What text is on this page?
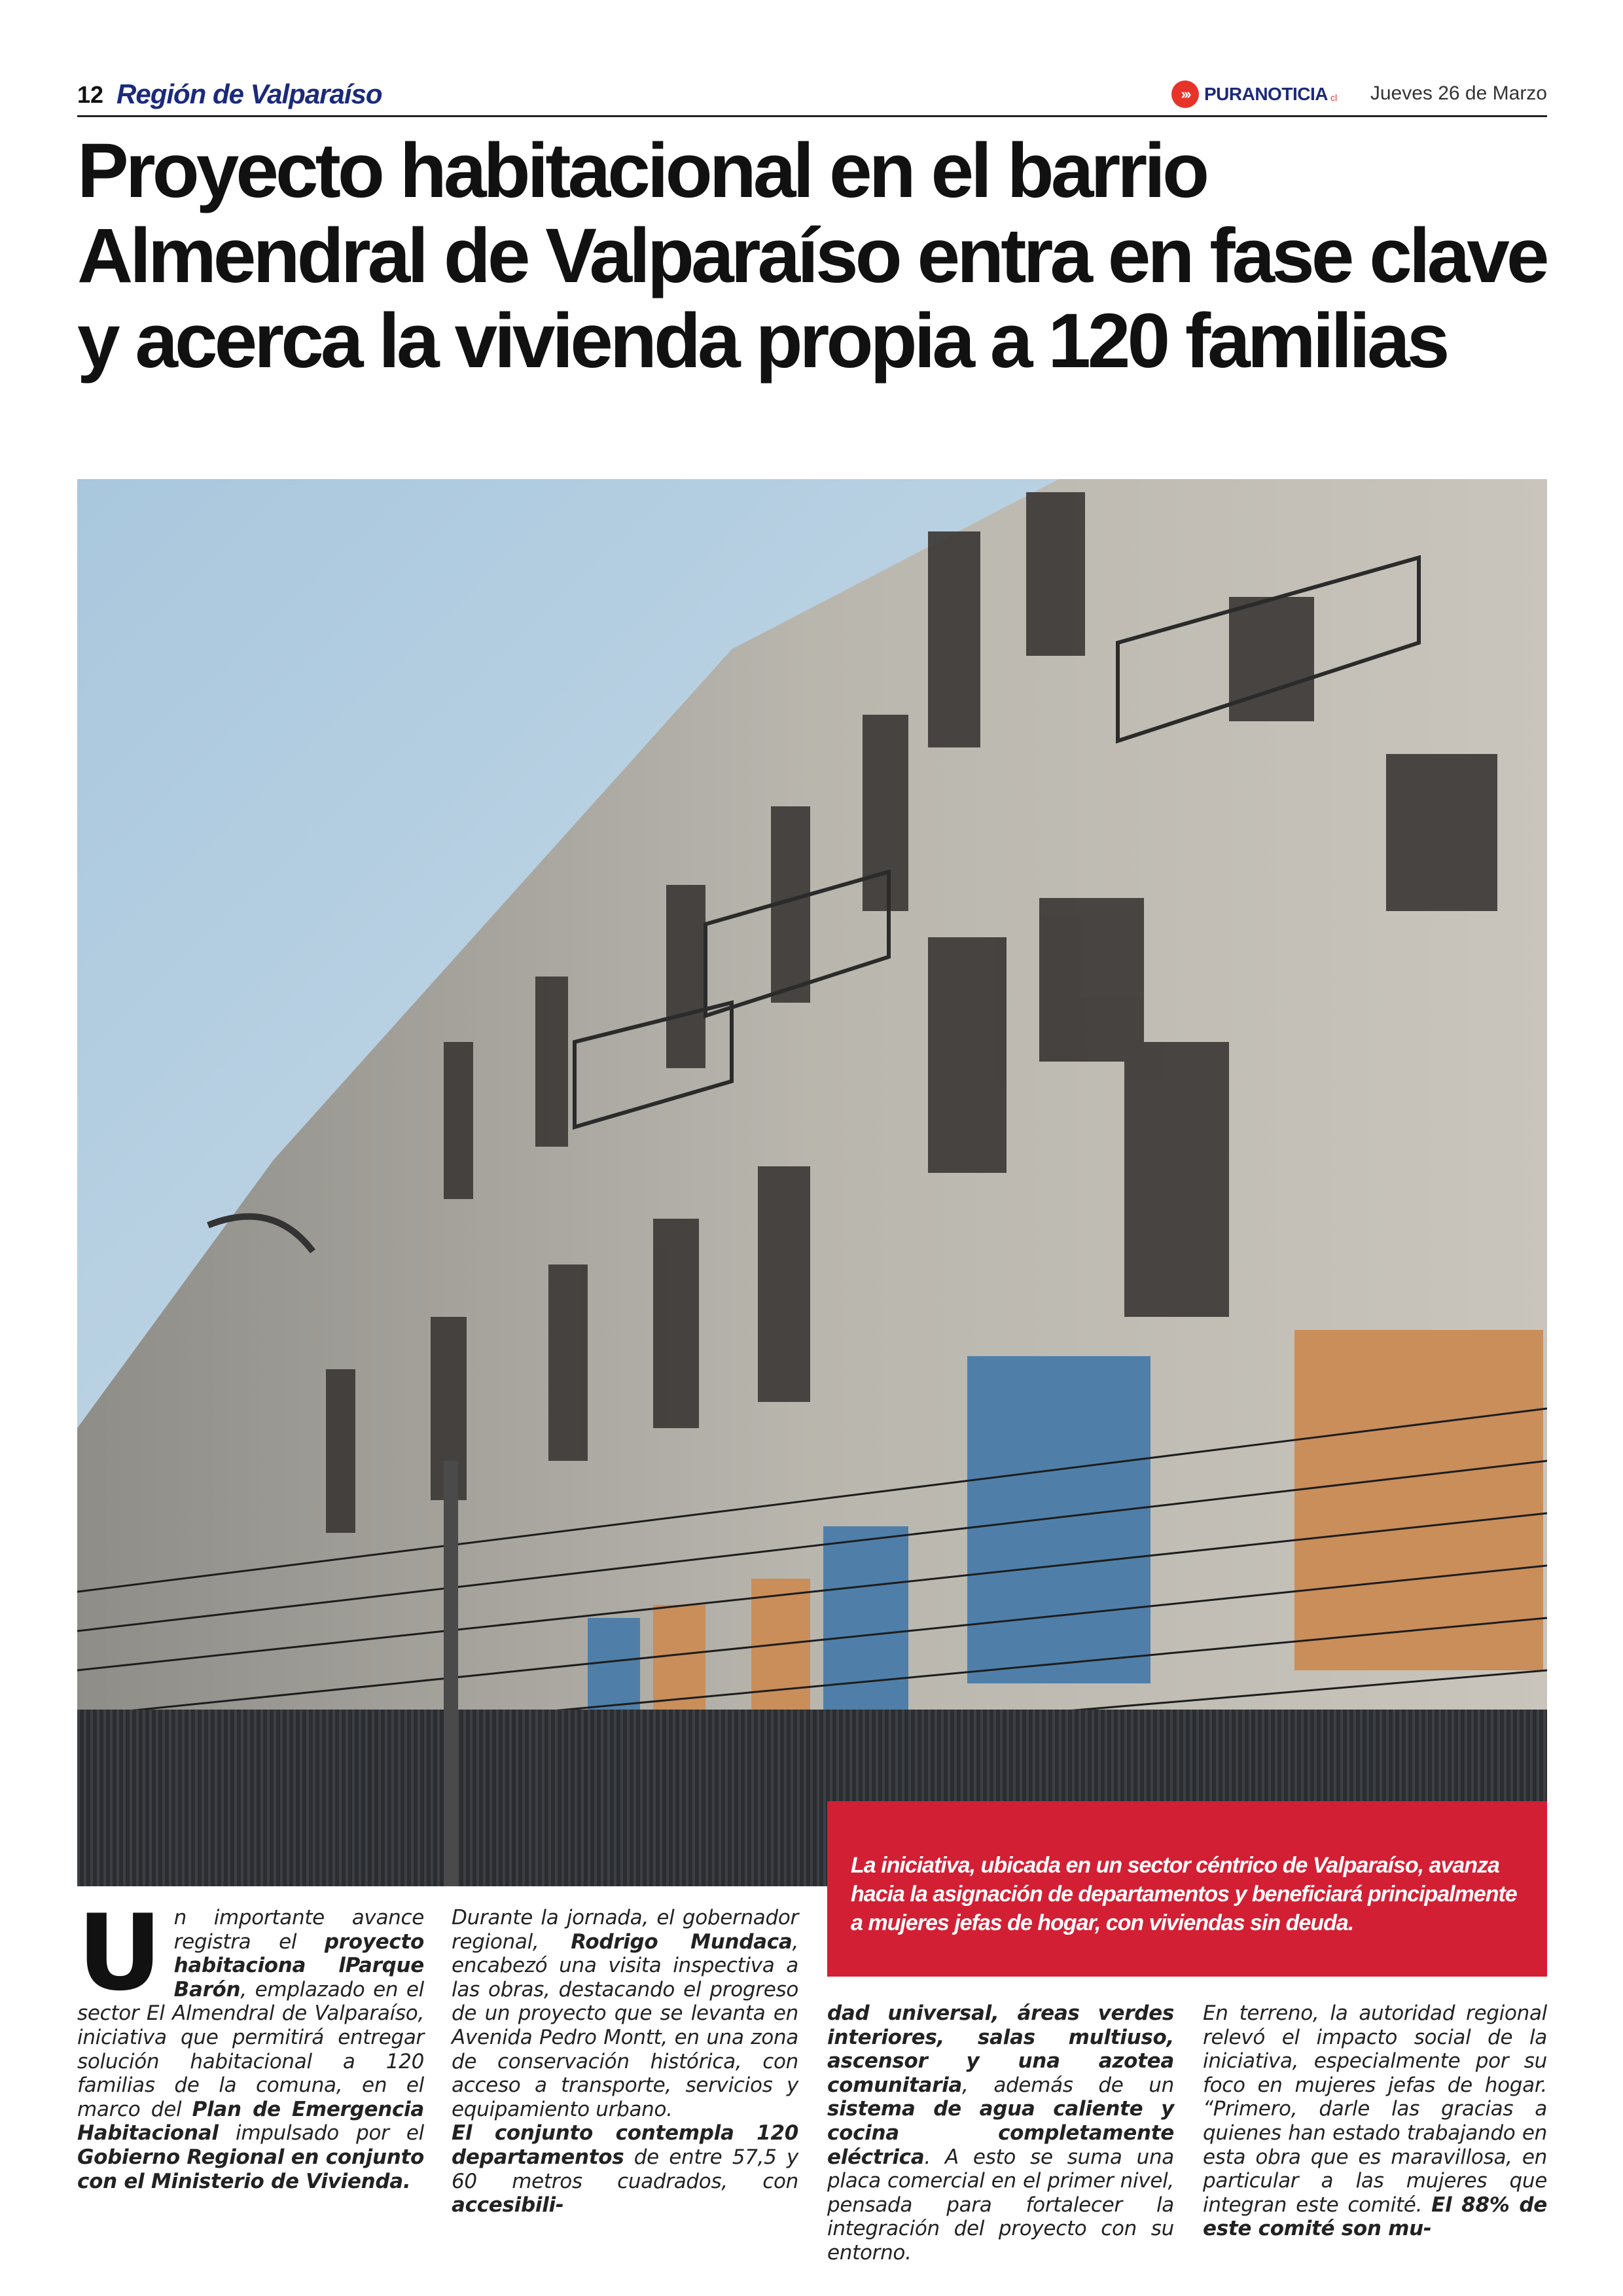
12 Región de Valparaíso	››› PURANOTICIA cl Jueves 26 de Marzo
Proyecto habitacional en el barrio Almendral de Valparaíso entra en fase clave y acerca la vivienda propia a 120 familias

La iniciativa, ubicada en un sector céntrico de Valparaíso, avanza hacia la asignación de departamentos y beneficiará principalmente a mujeres jefas de hogar, con viviendas sin deuda.

Un importante avance registra el proyecto habitaciona lParque Barón, emplazado en el sector El Almendral de Valparaíso, iniciativa que permitirá entregar solución habitacional a 120 familias de la comuna, en el marco del Plan de Emergencia Habitacional impulsado por el Gobierno Regional en conjunto con el Ministerio de Vivienda.

Durante la jornada, el gobernador regional, Rodrigo Mundaca, encabezó una visita inspectiva a las obras, destacando el progreso de un proyecto que se levanta en Avenida Pedro Montt, en una zona de conservación histórica, con acceso a transporte, servicios y equipamiento urbano.

El conjunto contempla 120 departamentos de entre 57,5 y 60 metros cuadrados, con accesibili-

dad universal, áreas verdes interiores, salas multiuso, ascensor y una azotea comunitaria, además de un sistema de agua caliente y cocina completamente eléctrica. A esto se suma una placa comercial en el primer nivel, pensada para fortalecer la integración del proyecto con su entorno.

En terreno, la autoridad regional relevó el impacto social de la iniciativa, especialmente por su foco en mujeres jefas de hogar. “Primero, darle las gracias a quienes han estado trabajando en esta obra que es maravillosa, en particular a las mujeres que integran este comité. El 88% de este comité son mu-
